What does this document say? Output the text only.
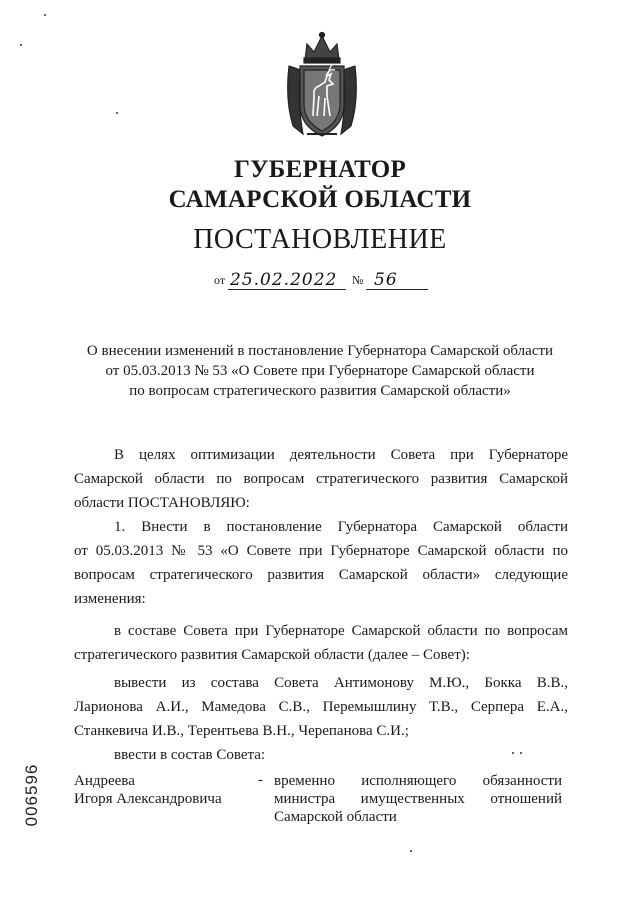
ГУБЕРНАТОР
САМАРСКОЙ ОБЛАСТИ
ПОСТАНОВЛЕНИЕ
от 25.02.2022 № 56
О внесении изменений в постановление Губернатора Самарской области
от 05.03.2013 № 53 «О Совете при Губернаторе Самарской области
по вопросам стратегического развития Самарской области»
В целях оптимизации деятельности Совета при Губернаторе
Самарской области по вопросам стратегического развития Самарской
области ПОСТАНОВЛЯЮ:
1. Внести в постановление Губернатора Самарской области
от 05.03.2013 № 53 «О Совете при Губернаторе Самарской области по
вопросам стратегического развития Самарской области» следующие
изменения:
в составе Совета при Губернаторе Самарской области по вопросам
стратегического развития Самарской области (далее – Совет):
вывести из состава Совета Антимонову М.Ю., Бокка В.В.,
Ларионова А.И., Мамедова С.В., Перемышлину Т.В., Серпера Е.А.,
Станкевича И.В., Терентьева В.Н., Черепанова С.И.;
ввести в состав Совета:
Андреева
Игоря Александровича
- временно исполняющего обязанности
министра имущественных отношений
Самарской области
006596
